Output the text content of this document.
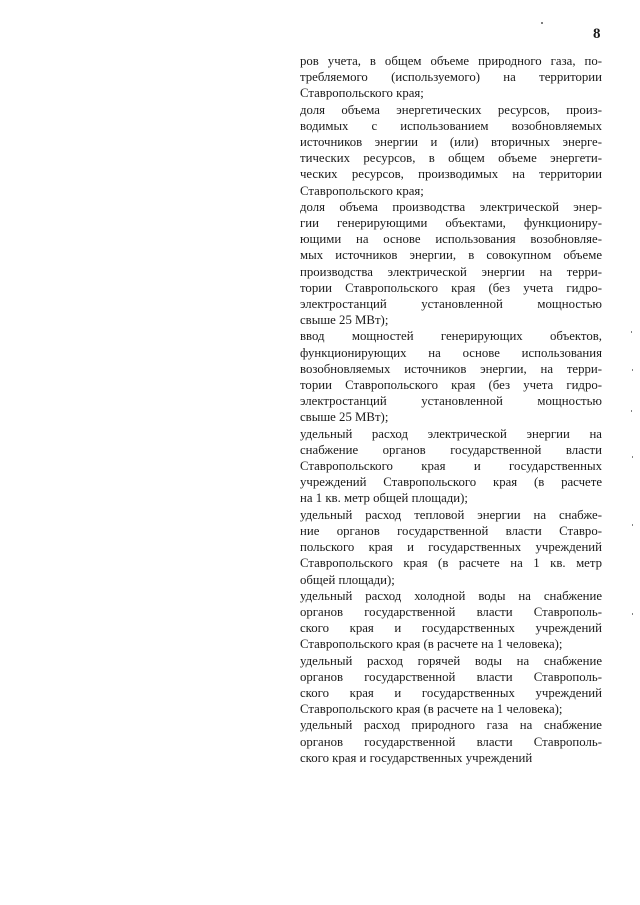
8

ров учета, в общем объеме природного газа, по-
требляемого (используемого) на территории
Ставропольского края;

доля объема энергетических ресурсов, произ-
водимых с использованием возобновляемых
источников энергии и (или) вторичных энерге-
тических ресурсов, в общем объеме энергети-
ческих ресурсов, производимых на территории
Ставропольского края;

доля объема производства электрической энер-
гии генерирующими объектами, функциониру-
ющими на основе использования возобновляе-
мых источников энергии, в совокупном объеме
производства электрической энергии на терри-
тории Ставропольского края (без учета гидро-
электростанций установленной мощностью
свыше 25 МВт);

ввод мощностей генерирующих объектов,
функционирующих на основе использования
возобновляемых источников энергии, на терри-
тории Ставропольского края (без учета гидро-
электростанций установленной мощностью
свыше 25 МВт);

удельный расход электрической энергии на
снабжение органов государственной власти
Ставропольского края и государственных
учреждений Ставропольского края (в расчете
на 1 кв. метр общей площади);

удельный расход тепловой энергии на снабже-
ние органов государственной власти Ставро-
польского края и государственных учреждений
Ставропольского края (в расчете на 1 кв. метр
общей площади);

удельный расход холодной воды на снабжение
органов государственной власти Ставрополь-
ского края и государственных учреждений
Ставропольского края (в расчете на 1 человека);

удельный расход горячей воды на снабжение
органов государственной власти Ставрополь-
ского края и государственных учреждений
Ставропольского края (в расчете на 1 человека);

удельный расход природного газа на снабжение
органов государственной власти Ставрополь-
ского края и государственных учреждений
